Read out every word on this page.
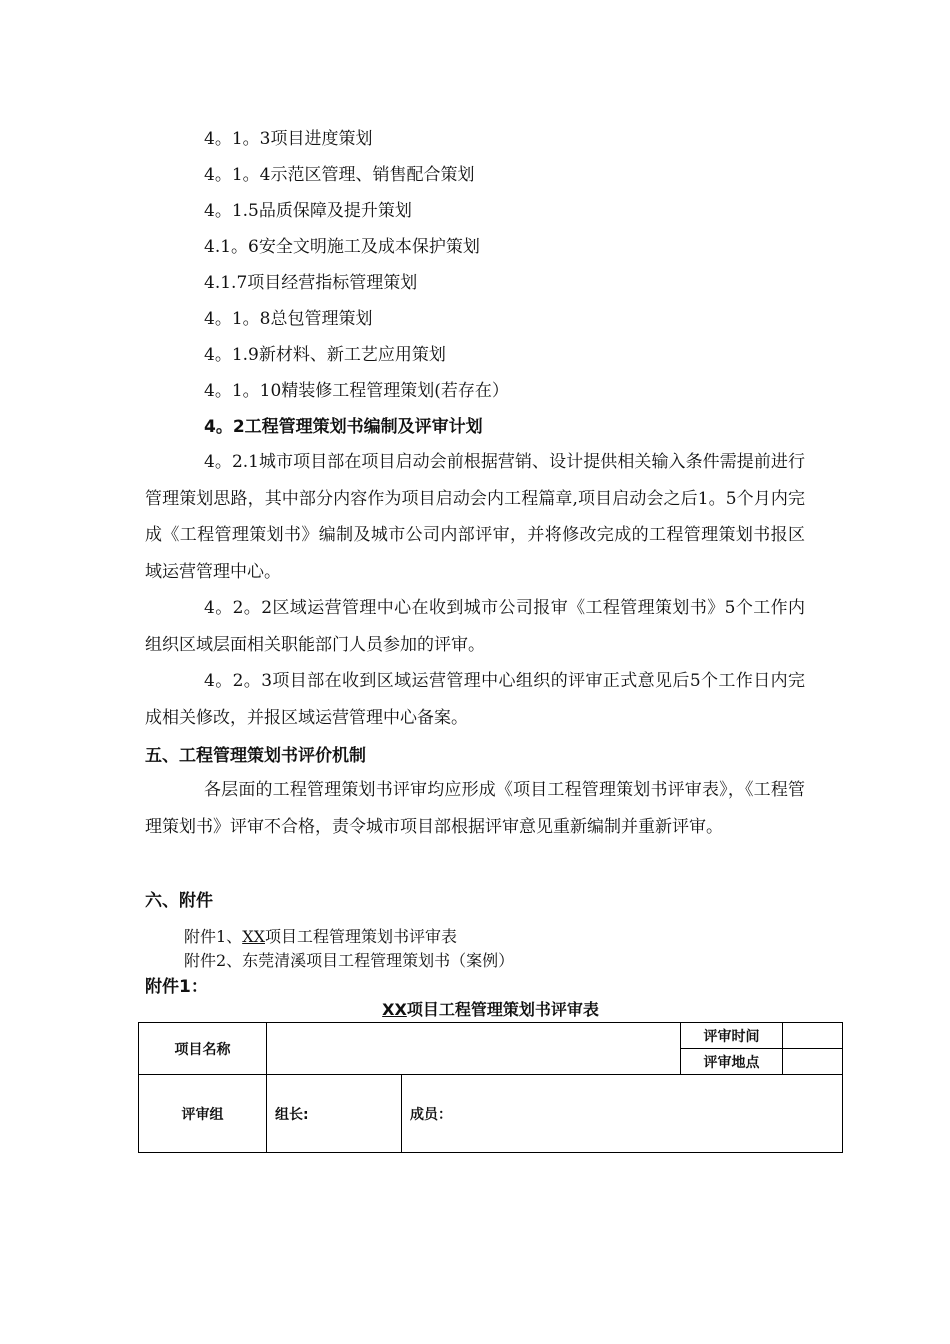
4。1。3项目进度策划
4。1。4示范区管理、销售配合策划
4。1.5品质保障及提升策划
4.1。6安全文明施工及成本保护策划
4.1.7项目经营指标管理策划
4。1。8总包管理策划
4。1.9新材料、新工艺应用策划
4。1。10精装修工程管理策划(若存在）
4。2工程管理策划书编制及评审计划
4。2.1城市项目部在项目启动会前根据营销、设计提供相关输入条件需提前进行管理策划思路，其中部分内容作为项目启动会内工程篇章,项目启动会之后1。5个月内完成《工程管理策划书》编制及城市公司内部评审，并将修改完成的工程管理策划书报区域运营管理中心。
4。2。2区域运营管理中心在收到城市公司报审《工程管理策划书》5个工作内组织区域层面相关职能部门人员参加的评审。
4。2。3项目部在收到区域运营管理中心组织的评审正式意见后5个工作日内完成相关修改，并报区域运营管理中心备案。
五、工程管理策划书评价机制
各层面的工程管理策划书评审均应形成《项目工程管理策划书评审表》，《工程管理策划书》评审不合格，责令城市项目部根据评审意见重新编制并重新评审。
六、附件
附件1、XX项目工程管理策划书评审表
附件2、东莞清溪项目工程管理策划书（案例）
附件1：
XX项目工程管理策划书评审表
项目名称			评审时间	
			评审地点	
评审组	组长:	成员：		
